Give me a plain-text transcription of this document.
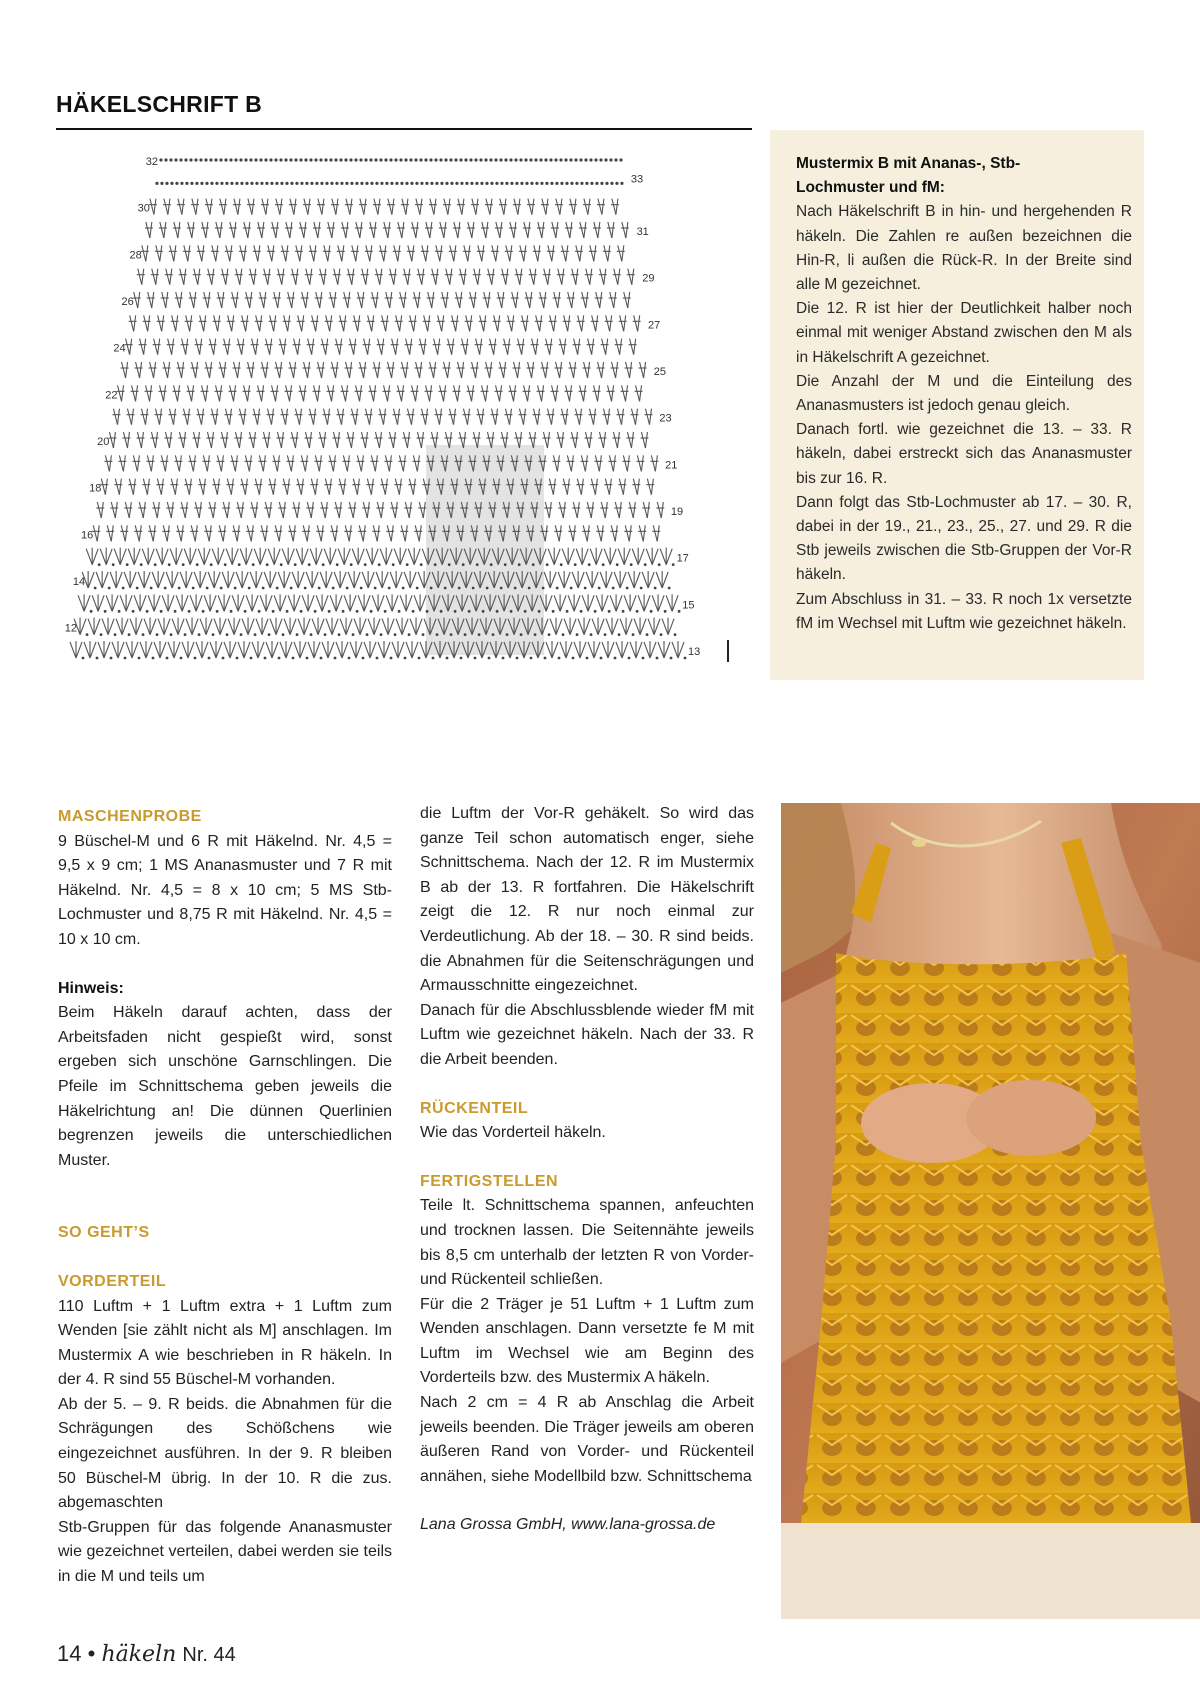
HÄKELSCHRIFT B
32
30
28
26
24
22
20
18
16
14
12
33
31
29
27
25
23
21
19
17
15
13

Mustermix B mit Ananas-, Stb-

Lochmuster und fM:

Nach Häkelschrift B in hin- und hergehenden R häkeln. Die Zahlen re außen bezeichnen die Hin-R, li außen die Rück-R. In der Breite sind alle M gezeichnet.

Die 12. R ist hier der Deutlichkeit halber noch einmal mit weniger Abstand zwischen den M als in Häkelschrift A gezeichnet.

Die Anzahl der M und die Einteilung des Ananasmusters ist jedoch genau gleich.

Danach fortl. wie gezeichnet die 13. – 33. R häkeln, dabei erstreckt sich das Ananasmuster bis zur 16. R.

Dann folgt das Stb-Lochmuster ab 17. – 30. R, dabei in der 19., 21., 23., 25., 27. und 29. R die Stb jeweils zwischen die Stb-Gruppen der Vor-R häkeln.

Zum Abschluss in 31. – 33. R noch 1x versetzte fM im Wechsel mit Luftm wie gezeichnet häkeln.

MASCHENPROBE

9 Büschel-M und 6 R mit Häkelnd. Nr. 4,5 = 9,5 x 9 cm; 1 MS Ananasmuster und 7 R mit Häkelnd. Nr. 4,5 = 8 x 10 cm; 5 MS Stb-Lochmuster und 8,75 R mit Häkelnd. Nr. 4,5 = 10 x 10 cm.

Hinweis:

Beim Häkeln darauf achten, dass der Arbeitsfaden nicht gespießt wird, sonst ergeben sich unschöne Garnschlingen. Die Pfeile im Schnittschema geben jeweils die Häkelrichtung an! Die dünnen Querlinien begrenzen jeweils die unterschiedlichen Muster.

SO GEHT’S

VORDERTEIL

110 Luftm + 1 Luftm extra + 1 Luftm zum Wenden [sie zählt nicht als M] anschlagen. Im Mustermix A wie beschrieben in R häkeln. In der 4. R sind 55 Büschel-M vorhanden.

Ab der 5. – 9. R beids. die Abnahmen für die Schrägungen des Schößchens wie eingezeichnet ausführen. In der 9. R bleiben 50 Büschel-M übrig. In der 10. R die zus. abgemaschten

Stb-Gruppen für das folgende Ananasmuster wie gezeichnet verteilen, dabei werden sie teils in die M und teils um

die Luftm der Vor-R gehäkelt. So wird das ganze Teil schon automatisch enger, siehe Schnittschema. Nach der 12. R im Mustermix B ab der 13. R fortfahren. Die Häkelschrift zeigt die 12. R nur noch einmal zur Verdeutlichung. Ab der 18. – 30. R sind beids. die Abnahmen für die Seitenschrägungen und Armausschnitte eingezeichnet.

Danach für die Abschlussblende wieder fM mit Luftm wie gezeichnet häkeln. Nach der 33. R die Arbeit beenden.

RÜCKENTEIL

Wie das Vorderteil häkeln.

FERTIGSTELLEN

Teile lt. Schnittschema spannen, anfeuchten und trocknen lassen. Die Seitennähte jeweils bis 8,5 cm unterhalb der letzten R von Vorder- und Rückenteil schließen.

Für die 2 Träger je 51 Luftm + 1 Luftm zum Wenden anschlagen. Dann versetzte fe M mit Luftm im Wechsel wie am Beginn des Vorderteils bzw. des Mustermix A häkeln.

Nach 2 cm = 4 R ab Anschlag die Arbeit jeweils beenden. Die Träger jeweils am oberen äußeren Rand von Vorder- und Rückenteil annähen, siehe Modellbild bzw. Schnittschema

Lana Grossa GmbH, www.lana-grossa.de

14 • häkeln Nr. 44
